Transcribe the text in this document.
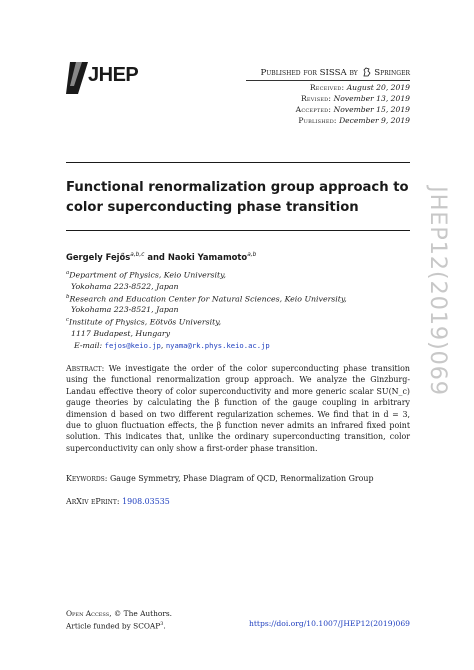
JHEP	Published for SISSA by Springer
Received: August 20, 2019
Revised: November 13, 2019
Accepted: November 15, 2019
Published: December 9, 2019
JHEP12(2019)069
Functional renormalization group approach to color superconducting phase transition
Gergely Fejős$^{a,b,c}$ and Naoki Yamamoto$^{a,b}$
$^a$Department of Physics, Keio University,
Yokohama 223-8522, Japan
$^b$Research and Education Center for Natural Sciences, Keio University,
Yokohama 223-8521, Japan
$^c$Institute of Physics, Eötvös University,
1117 Budapest, Hungary
E-mail: fejos@keio.jp, nyama@rk.phys.keio.ac.jp
Abstract: We investigate the order of the color superconducting phase transition using the functional renormalization group approach. We analyze the Ginzburg-Landau effective theory of color superconductivity and more generic scalar SU(N_c) gauge theories by calculating the β function of the gauge coupling in arbitrary dimension d based on two different regularization schemes. We find that in d = 3, due to gluon fluctuation effects, the β function never admits an infrared fixed point solution. This indicates that, unlike the ordinary superconducting transition, color superconductivity can only show a first-order phase transition.
Keywords: Gauge Symmetry, Phase Diagram of QCD, Renormalization Group
ArXiv ePrint: 1908.03535
Open Access, © The Authors.
Article funded by SCOAP$^3$.	https://doi.org/10.1007/JHEP12(2019)069
